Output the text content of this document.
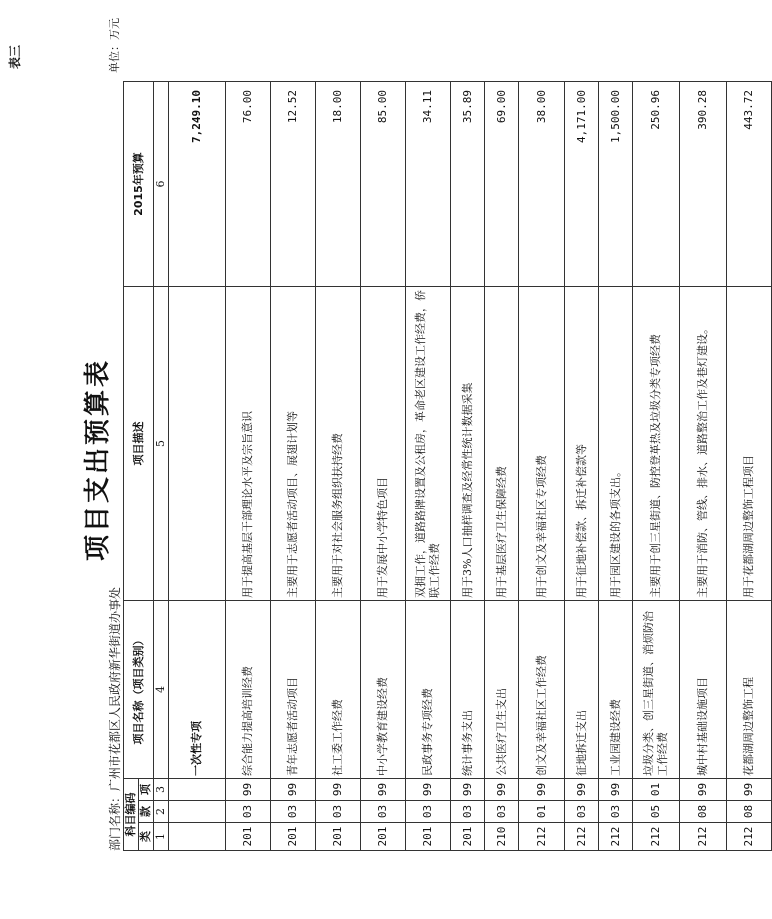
表三
项目支出预算表
部门名称：广州市花都区人民政府新华街道办事处
单位：万元
科目编码			项目名称（项目类别）	项目描述	2015年预算
类	款	项			
1	2	3	4	5	6
			一次性专项		7,249.10
201	03	99	综合能力提高培训经费	用于提高基层干部理论水平及宗旨意识	76.00
201	03	99	青年志愿者活动项目	主要用于志愿者活动项目、展翅计划等	12.52
201	03	99	社工委工作经费	主要用于对社会服务组织扶持经费	18.00
201	03	99	中小学教育建设经费	用于发展中小学特色项目	85.00
201	03	99	民政事务专项经费	双拥工作，道路路牌设置及公租房，革命老区建设工作经费，侨联工作经费	34.11
201	03	99	统计事务支出	用于3%人口抽样调查及经常性统计数据采集	35.89
210	03	99	公共医疗卫生支出	用于基层医疗卫生保障经费	69.00
212	01	99	创文及幸福社区工作经费	用于创文及幸福社区专项经费	38.00
212	03	99	征地拆迁支出	用于征地补偿款、拆迁补偿款等	4,171.00
212	03	99	工业园建设经费	用于园区建设的各项支出。	1,500.00
212	05	01	垃圾分类、创三星街道、消烦防治工作经费	主要用于创三星街道、防控登革热及垃圾分类专项经费	250.96
212	08	99	城中村基础设施项目	主要用于消防、管线、排水、道路整治工作及巷灯建设。	390.28
212	08	99	花都湖周边整饰工程	用于花都湖周边整饰工程项目	443.72
